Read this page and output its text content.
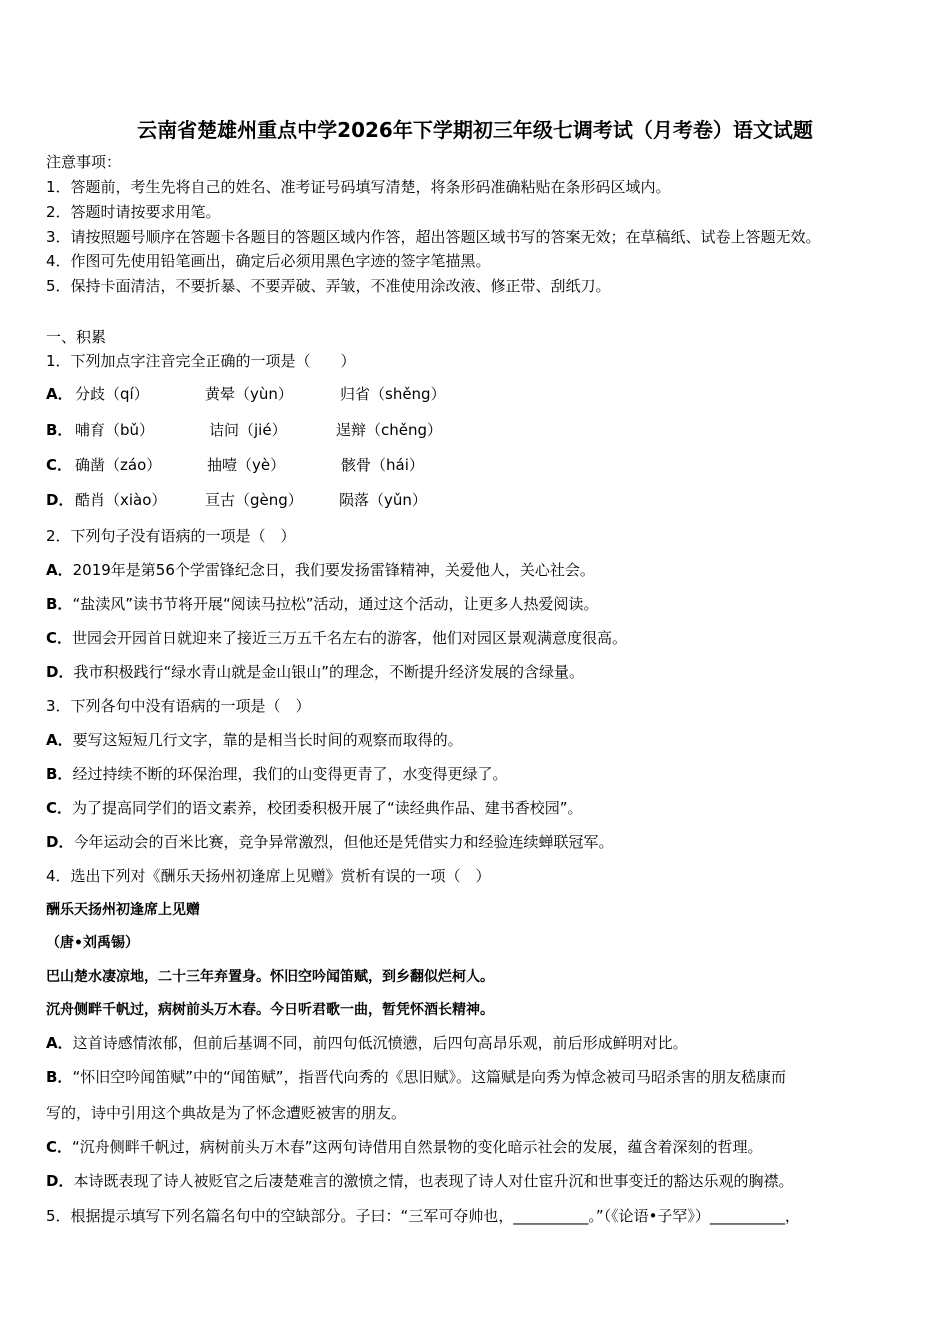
云南省楚雄州重点中学2026年下学期初三年级七调考试（月考卷）语文试题
注意事项：
1．答题前，考生先将自己的姓名、准考证号码填写清楚，将条形码准确粘贴在条形码区域内。
2．答题时请按要求用笔。
3．请按照题号顺序在答题卡各题目的答题区域内作答，超出答题区域书写的答案无效；在草稿纸、试卷上答题无效。
4．作图可先使用铅笔画出，确定后必须用黑色字迹的签字笔描黑。
5．保持卡面清洁，不要折暴、不要弄破、弄皱，不准使用涂改液、修正带、刮纸刀。
一、积累
1．下列加点字注音完全正确的一项是（　　）
A． 分歧（qí）	黄晕（yùn）	归省（shěng）
B． 哺育（bǔ）	诘问（jié）	逞辩（chěng）
C． 确凿（záo）	抽噎（yè）	骸骨（hái）
D． 酷肖（xiào）	亘古（gèng） 陨落（yǔn）
2．下列句子没有语病的一项是（　）
A．2019年是第56个学雷锋纪念日，我们要发扬雷锋精神，关爱他人，关心社会。
B．“盐渎风”读书节将开展“阅读马拉松”活动，通过这个活动，让更多人热爱阅读。
C．世园会开园首日就迎来了接近三万五千名左右的游客，他们对园区景观满意度很高。
D．我市积极践行“绿水青山就是金山银山”的理念，不断提升经济发展的含绿量。
3．下列各句中没有语病的一项是（　）
A．要写这短短几行文字，靠的是相当长时间的观察而取得的。
B．经过持续不断的环保治理，我们的山变得更青了，水变得更绿了。
C．为了提高同学们的语文素养，校团委积极开展了“读经典作品、建书香校园”。
D．今年运动会的百米比赛，竞争异常激烈，但他还是凭借实力和经验连续蝉联冠军。
4．选出下列对《酬乐天扬州初逢席上见赠》赏析有误的一项（　）
酬乐天扬州初逢席上见赠
（唐•刘禹锡）
巴山楚水凄凉地，二十三年弃置身。怀旧空吟闻笛赋，到乡翻似烂柯人。
沉舟侧畔千帆过，病树前头万木春。今日听君歌一曲，暂凭怀酒长精神。
A．这首诗感情浓郁，但前后基调不同，前四句低沉愤懑，后四句高昂乐观，前后形成鲜明对比。
B．“怀旧空吟闻笛赋”中的“闻笛赋”，指晋代向秀的《思旧赋》。这篇赋是向秀为悼念被司马昭杀害的朋友嵇康而
写的，诗中引用这个典故是为了怀念遭贬被害的朋友。
C．“沉舟侧畔千帆过，病树前头万木春”这两句诗借用自然景物的变化暗示社会的发展，蕴含着深刻的哲理。
D．本诗既表现了诗人被贬官之后凄楚难言的激愤之情，也表现了诗人对仕宦升沉和世事变迁的豁达乐观的胸襟。
5．根据提示填写下列名篇名句中的空缺部分。子曰：“三军可夺帅也，__________。”（《论语•子罕》）__________，
